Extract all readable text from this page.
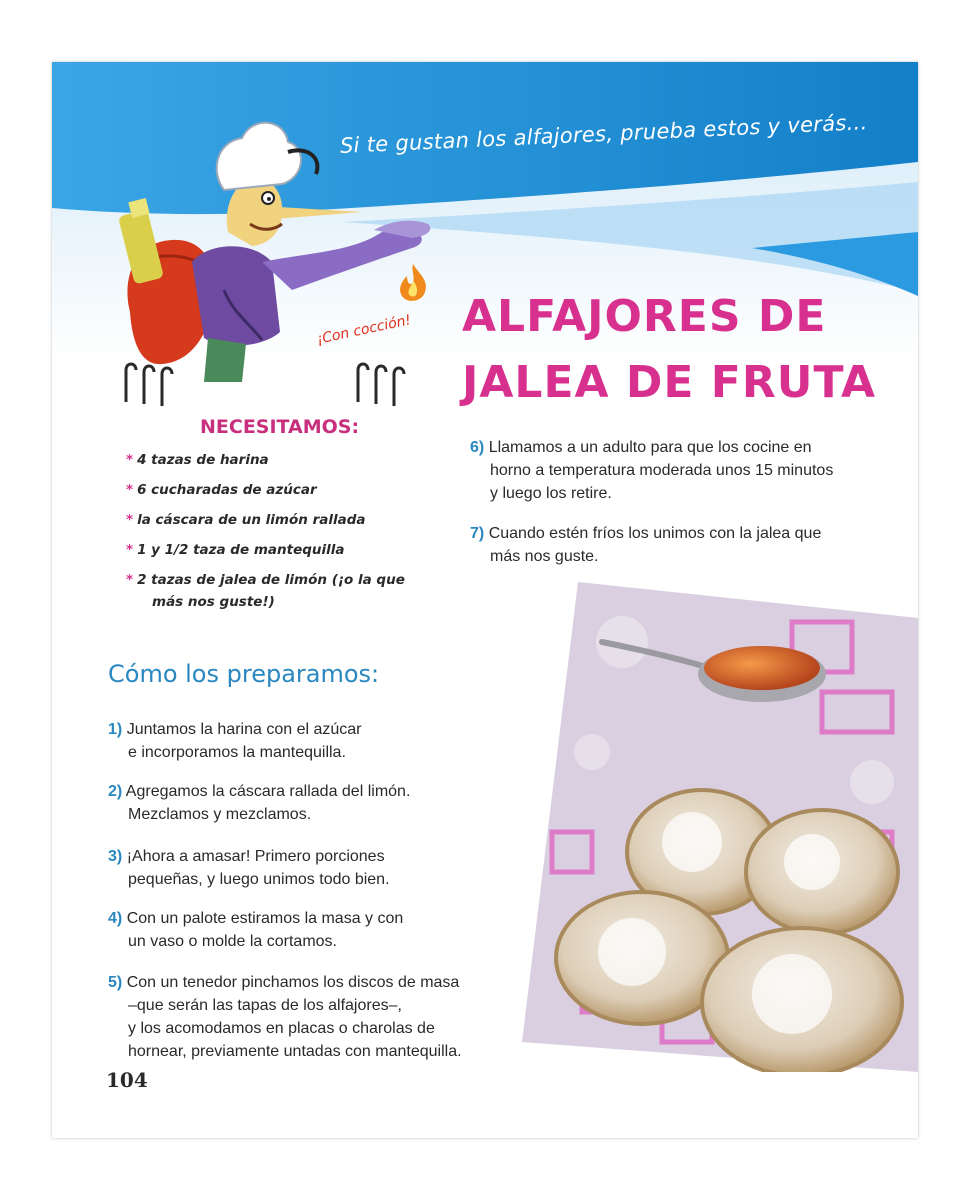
Si te gustan los alfajores, prueba estos y verás...
¡Con cocción! ALFAJORES DE
JALEA DE FRUTA
NECESITAMOS:
* 4 tazas de harina
* 6 cucharadas de azúcar
* la cáscara de un limón rallada
* 1 y 1/2 taza de mantequilla
* 2 tazas de jalea de limón (¡o la que
más nos guste!)
Cómo los preparamos:
1) Juntamos la harina con el azúcar
e incorporamos la mantequilla.
2) Agregamos la cáscara rallada del limón.
Mezclamos y mezclamos.
3) ¡Ahora a amasar! Primero porciones
pequeñas, y luego unimos todo bien.
4) Con un palote estiramos la masa y con
un vaso o molde la cortamos.
5) Con un tenedor pinchamos los discos de masa
–que serán las tapas de los alfajores–,
y los acomodamos en placas o charolas de
hornear, previamente untadas con mantequilla.
6) Llamamos a un adulto para que los cocine en
horno a temperatura moderada unos 15 minutos
y luego los retire.
7) Cuando estén fríos los unimos con la jalea que
más nos guste.
104
